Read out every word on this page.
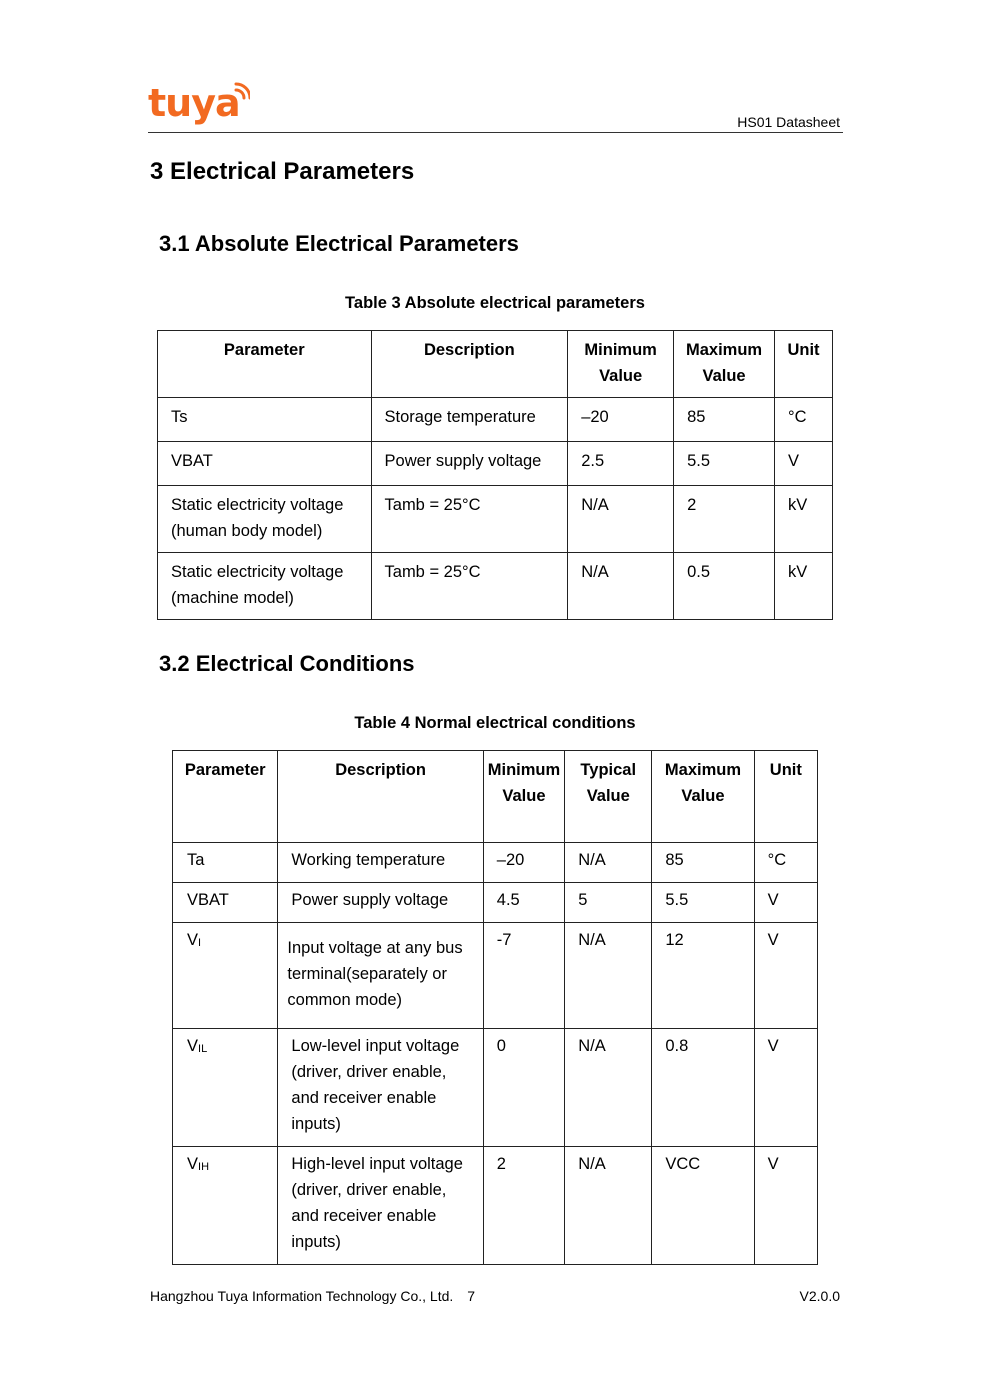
tuya	HS01 Datasheet
3 Electrical Parameters
3.1 Absolute Electrical Parameters

Table 3 Absolute electrical parameters

Parameter	Description	Minimum Value	Maximum Value	Unit
Ts	Storage temperature	–20	85	°C
VBAT	Power supply voltage	2.5	5.5	V
Static electricity voltage (human body model)	Tamb = 25°C	N/A	2	kV
Static electricity voltage (machine model)	Tamb = 25°C	N/A	0.5	kV
3.2 Electrical Conditions

Table 4 Normal electrical conditions

Parameter	Description	Minimum Value	Typical Value	Maximum Value	Unit
Ta	Working temperature	–20	N/A	85	°C
VBAT	Power supply voltage	4.5	5	5.5	V
$V_I$	Input voltage at any bus terminal(separately or common mode)	-7	N/A	12	V
$V_{IL}$	Low-level input voltage (driver, driver enable, and receiver enable inputs)	0	N/A	0.8	V
$V_{IH}$	High-level input voltage (driver, driver enable, and receiver enable inputs)	2	N/A	VCC	V
Hangzhou Tuya Information Technology Co., Ltd. 7	V2.0.0
